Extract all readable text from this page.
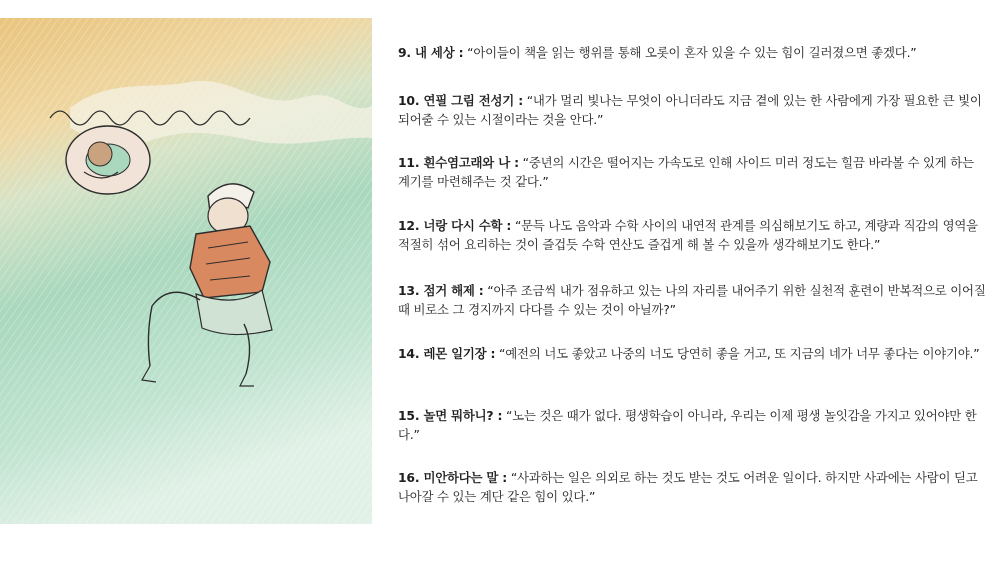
9. 내 세상 : “아이들이 책을 읽는 행위를 통해 오롯이 혼자 있을 수 있는 힘이 길러졌으면 좋겠다.”
10. 연필 그림 전성기 : “내가 멀리 빛나는 무엇이 아니더라도 지금 곁에 있는 한 사람에게 가장 필요한 큰 빛이 되어줄 수 있는 시절이라는 것을 안다.”
11. 흰수염고래와 나 : “중년의 시간은 떨어지는 가속도로 인해 사이드 미러 정도는 힐끔 바라볼 수 있게 하는 계기를 마련해주는 것 같다.”
12. 너랑 다시 수학 : “문득 나도 음악과 수학 사이의 내연적 관계를 의심해보기도 하고, 계량과 직감의 영역을 적절히 섞어 요리하는 것이 즐겁듯 수학 연산도 즐겁게 해 볼 수 있을까 생각해보기도 한다.”
13. 점거 해제 : “아주 조금씩 내가 점유하고 있는 나의 자리를 내어주기 위한 실천적 훈련이 반복적으로 이어질 때 비로소 그 경지까지 다다를 수 있는 것이 아닐까?”
14. 레몬 일기장 : “예전의 너도 좋았고 나중의 너도 당연히 좋을 거고, 또 지금의 네가 너무 좋다는 이야기야.”
15. 놀면 뭐하니? : “노는 것은 때가 없다. 평생학습이 아니라, 우리는 이제 평생 놀잇감을 가지고 있어야만 한다.”
16. 미안하다는 말 : “사과하는 일은 의외로 하는 것도 받는 것도 어려운 일이다. 하지만 사과에는 사람이 딛고 나아갈 수 있는 계단 같은 힘이 있다.”
